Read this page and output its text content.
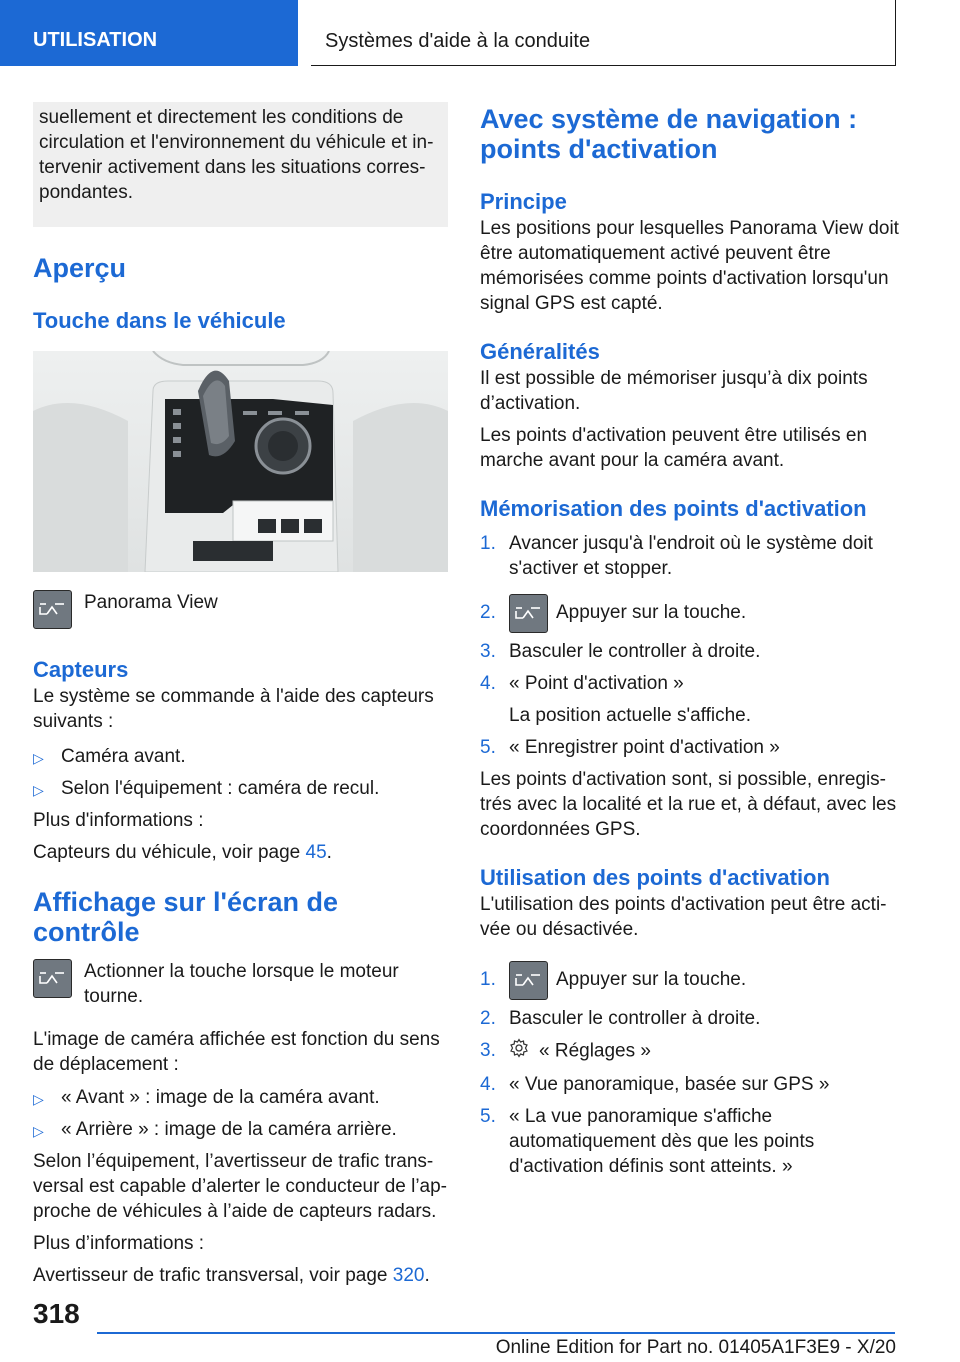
UTILISATION	Systèmes d'aide à la conduite

suellement et directement les conditions de circulation et l'environnement du véhicule et in-tervenir activement dans les situations corres-pondantes.

Aperçu
Touche dans le véhicule

Panorama View

Capteurs

Le système se commande à l'aide des capteurs suivants :

▷ Caméra avant.
▷ Selon l'équipement : caméra de recul.

Plus d'informations :

Capteurs du véhicule, voir page 45.

Affichage sur l'écran de contrôle

Actionner la touche lorsque le moteur tourne.

L'image de caméra affichée est fonction du sens de déplacement :

▷ « Avant » : image de la caméra avant.
▷ « Arrière » : image de la caméra arrière.

Selon l’équipement, l’avertisseur de trafic trans-versal est capable d’alerter le conducteur de l’ap-proche de véhicules à l’aide de capteurs radars.

Plus d’informations :

Avertisseur de trafic transversal, voir page 320.

Avec système de navigation : points d'activation
Principe

Les positions pour lesquelles Panorama View doit être automatiquement activé peuvent être mémorisées comme points d'activation lorsqu'un signal GPS est capté.

Généralités

Il est possible de mémoriser jusqu’à dix points d’activation.

Les points d'activation peuvent être utilisés en marche avant pour la caméra avant.

Mémorisation des points d'activation
1. Avancer jusqu'à l'endroit où le système doit s'activer et stopper.
2.	Appuyer sur la touche.
3. Basculer le controller à droite.
4. « Point d'activation »
La position actuelle s'affiche.
5. « Enregistrer point d'activation »

Les points d'activation sont, si possible, enregis-trés avec la localité et la rue et, à défaut, avec les coordonnées GPS.

Utilisation des points d'activation

L'utilisation des points d'activation peut être acti-vée ou désactivée.

1.	Appuyer sur la touche.
2. Basculer le controller à droite.
3. « Réglages »
4. « Vue panoramique, basée sur GPS »
5. « La vue panoramique s'affiche automatiquement dès que les points d'activation définis sont atteints. »
318
Online Edition for Part no. 01405A1F3E9 - X/20
